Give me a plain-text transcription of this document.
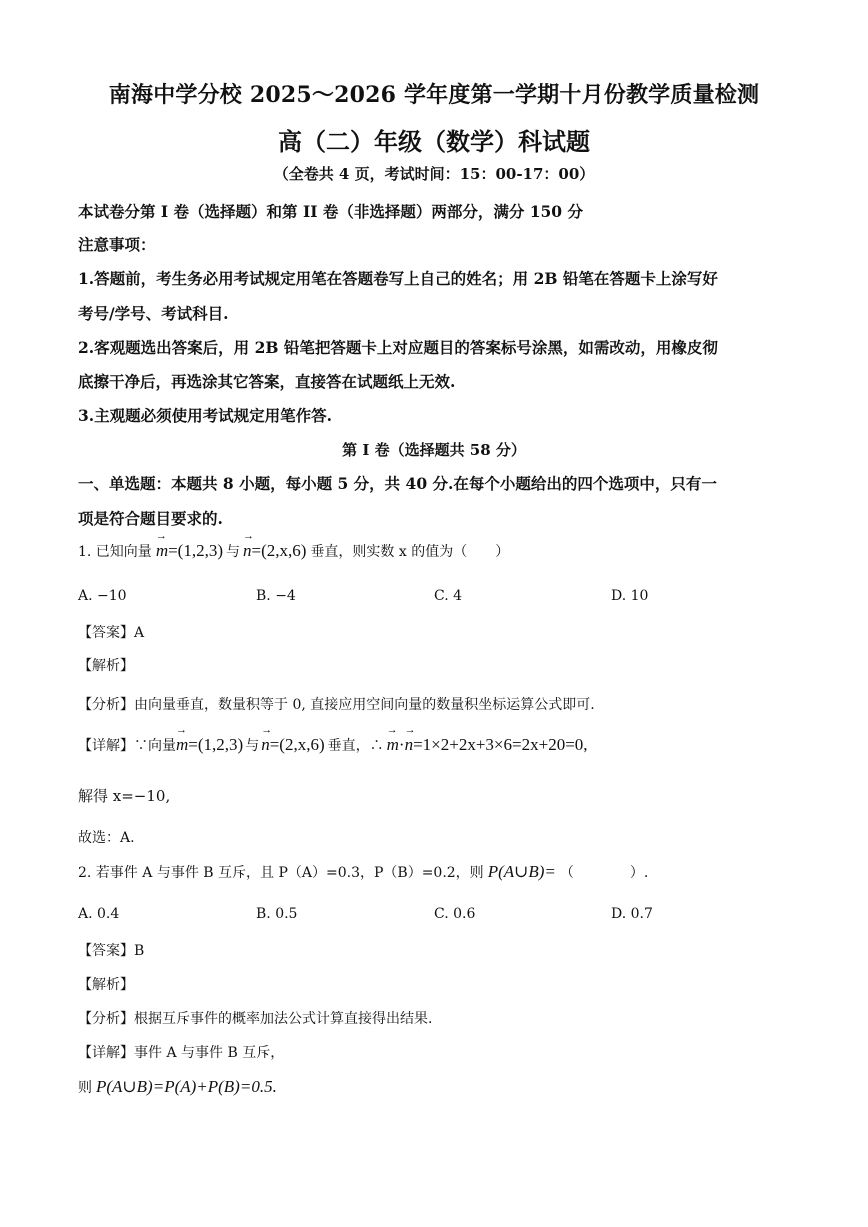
南海中学分校 2025～2026 学年度第一学期十月份教学质量检测
高（二）年级（数学）科试题
（全卷共 4 页，考试时间：15：00-17：00）
本试卷分第 I 卷（选择题）和第 II 卷（非选择题）两部分，满分 150 分
注意事项：
1.答题前，考生务必用考试规定用笔在答题卷写上自己的姓名；用 2B 铅笔在答题卡上涂写好
考号/学号、考试科目.
2.客观题选出答案后，用 2B 铅笔把答题卡上对应题目的答案标号涂黑，如需改动，用橡皮彻
底擦干净后，再选涂其它答案，直接答在试题纸上无效.
3.主观题必须使用考试规定用笔作答.
第 I 卷（选择题共 58 分）
一、单选题：本题共 8 小题，每小题 5 分，共 40 分.在每个小题给出的四个选项中，只有一
项是符合题目要求的.
1. 已知向量 → m=(1,2,3) 与 → n=(2,x,6) 垂直，则实数 x 的值为（　　）
A. −10	B. −4	C. 4	D. 10
【答案】A
【解析】
【分析】由向量垂直，数量积等于 0, 直接应用空间向量的数量积坐标运算公式即可.
【详解】∵向量 → m=(1,2,3) 与 → n=(2,x,6) 垂直，∴ → m·→ n=1×2+2x+3×6=2x+20=0,
解得 x=−10,
故选：A.
2. 若事件 A 与事件 B 互斥，且 P（A）=0.3，P（B）=0.2，则 P(A∪B)= （　　　　）.
A. 0.4	B. 0.5	C. 0.6	D. 0.7
【答案】B
【解析】
【分析】根据互斥事件的概率加法公式计算直接得出结果.
【详解】事件 A 与事件 B 互斥，
则 P(A∪B)=P(A)+P(B)=0.5.
